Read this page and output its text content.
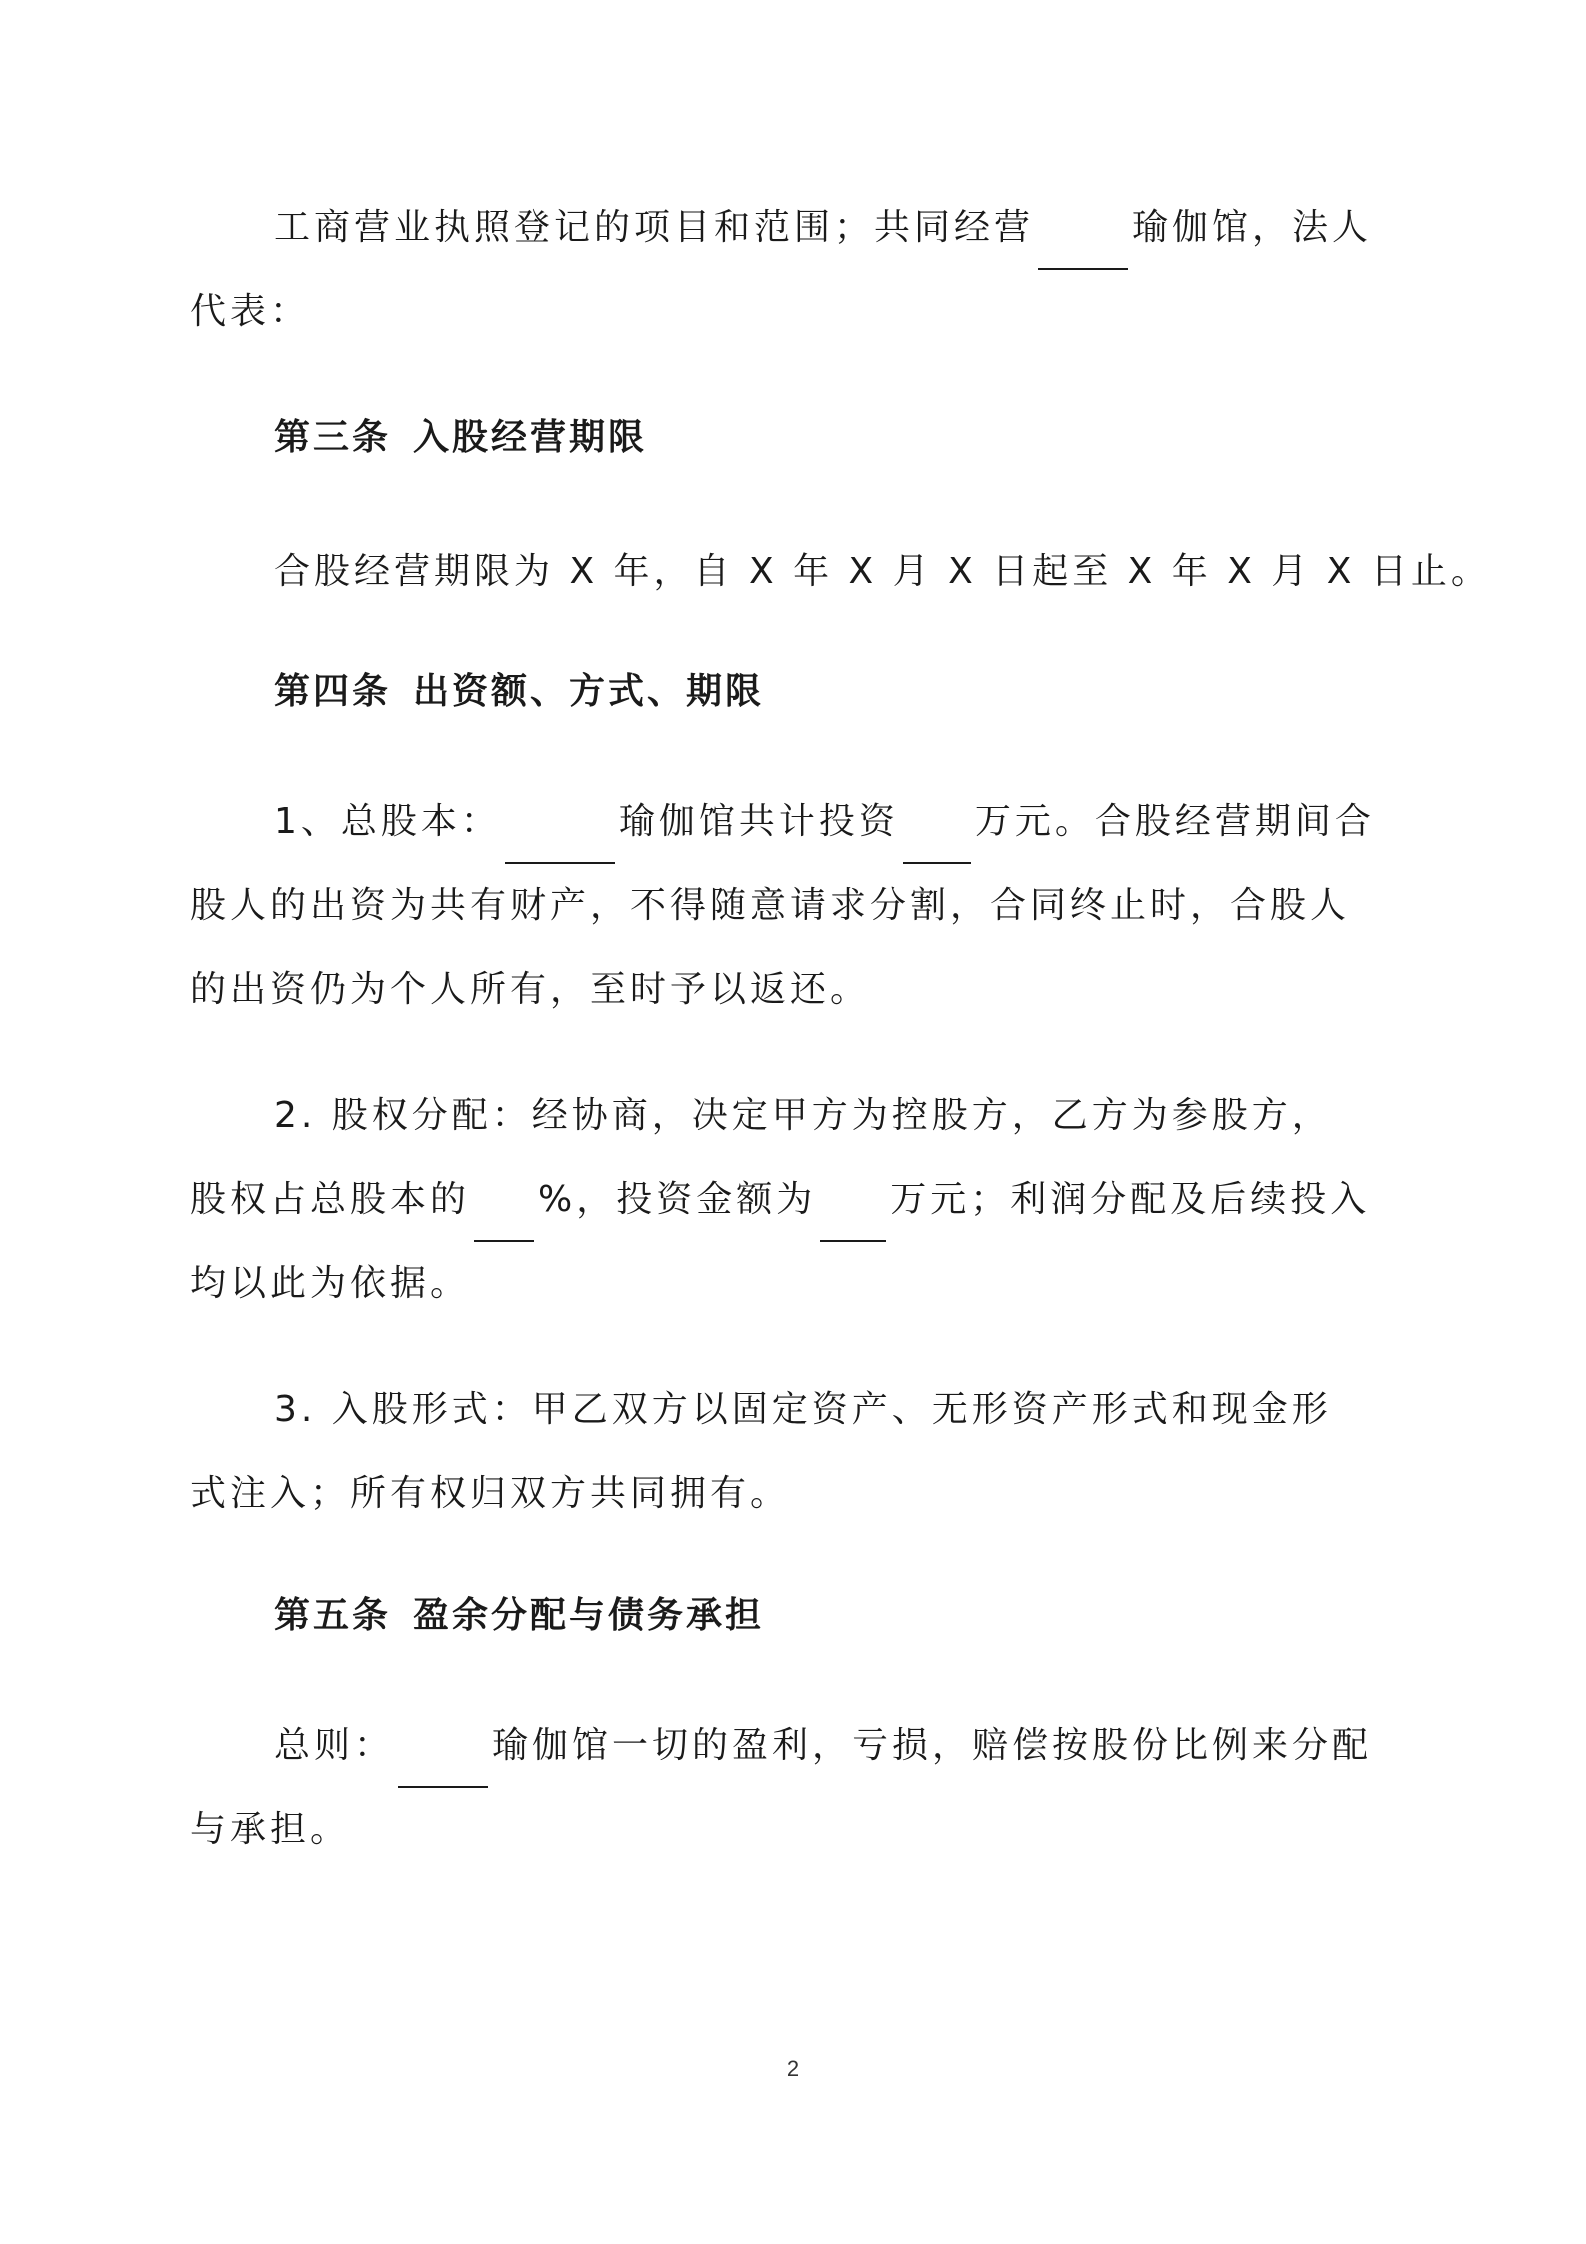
工商营业执照登记的项目和范围；共同经营	瑜伽馆，法人
代表：

第三条 入股经营期限

合股经营期限为 X 年，自 X 年 X 月 X 日起至 X 年 X 月 X 日止。

第四条 出资额、方式、期限

1、总股本：	瑜伽馆共计投资 万元。合股经营期间合
股人的出资为共有财产，不得随意请求分割，合同终止时，合股人
的出资仍为个人所有，至时予以返还。

2. 股权分配：经协商，决定甲方为控股方，乙方为参股方，
股权占总股本的 %，投资金额为 万元；利润分配及后续投入
均以此为依据。

3. 入股形式：甲乙双方以固定资产、无形资产形式和现金形
式注入；所有权归双方共同拥有。

第五条 盈余分配与债务承担

总则：	瑜伽馆一切的盈利，亏损，赔偿按股份比例来分配
与承担。

2
